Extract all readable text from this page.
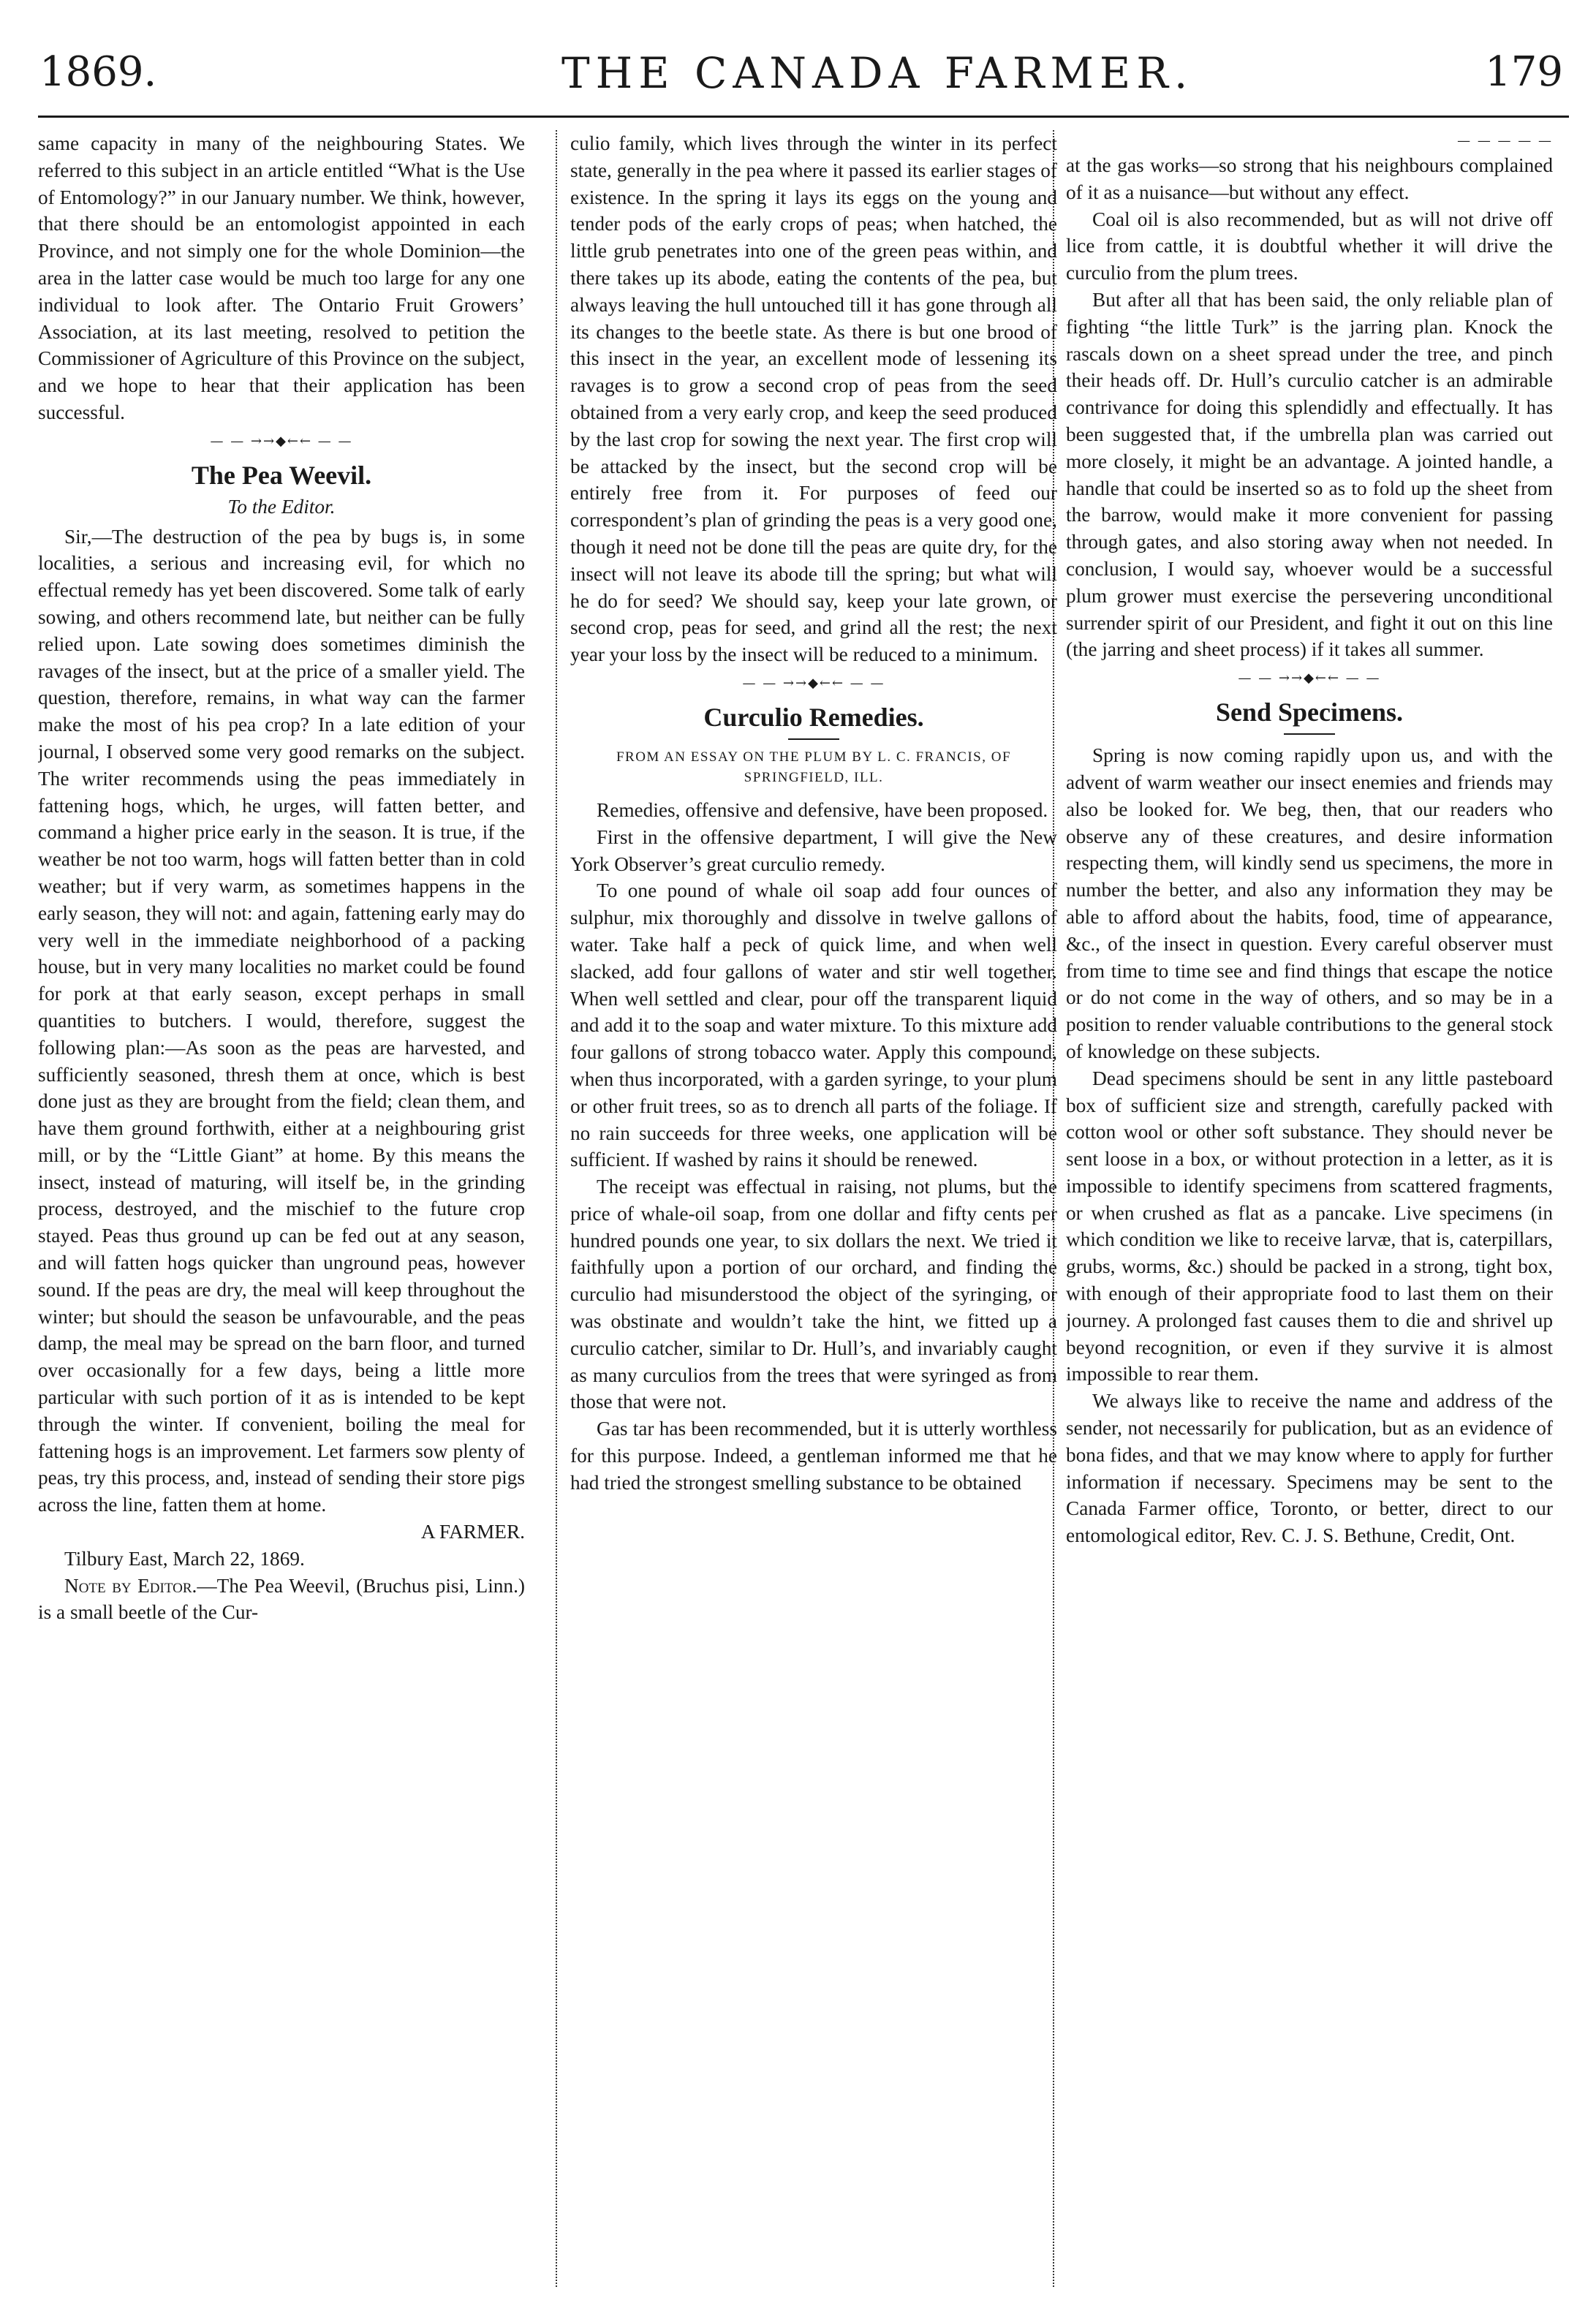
1869.	THE CANADA FARMER.	179

same capacity in many of the neighbouring States. We referred to this subject in an article entitled “What is the Use of Entomology?” in our January number. We think, however, that there should be an entomologist appointed in each Province, and not simply one for the whole Dominion—the area in the latter case would be much too large for any one individual to look after. The Ontario Fruit Growers’ Association, at its last meeting, resolved to petition the Commissioner of Agriculture of this Province on the subject, and we hope to hear that their application has been successful.

— — →→◆←← — —
The Pea Weevil.
To the Editor.

Sir,—The destruction of the pea by bugs is, in some localities, a serious and increasing evil, for which no effectual remedy has yet been discovered. Some talk of early sowing, and others recommend late, but neither can be fully relied upon. Late sowing does sometimes diminish the ravages of the insect, but at the price of a smaller yield. The question, therefore, remains, in what way can the farmer make the most of his pea crop? In a late edition of your journal, I observed some very good remarks on the subject. The writer recommends using the peas immediately in fattening hogs, which, he urges, will fatten better, and command a higher price early in the season. It is true, if the weather be not too warm, hogs will fatten better than in cold weather; but if very warm, as sometimes happens in the early season, they will not: and again, fattening early may do very well in the immediate neighborhood of a packing house, but in very many localities no market could be found for pork at that early season, except perhaps in small quantities to butchers. I would, therefore, suggest the following plan:—As soon as the peas are harvested, and sufficiently seasoned, thresh them at once, which is best done just as they are brought from the field; clean them, and have them ground forthwith, either at a neighbouring grist mill, or by the “Little Giant” at home. By this means the insect, instead of maturing, will itself be, in the grinding process, destroyed, and the mischief to the future crop stayed. Peas thus ground up can be fed out at any season, and will fatten hogs quicker than unground peas, however sound. If the peas are dry, the meal will keep throughout the winter; but should the season be unfavourable, and the peas damp, the meal may be spread on the barn floor, and turned over occasionally for a few days, being a little more particular with such portion of it as is intended to be kept through the winter. If convenient, boiling the meal for fattening hogs is an improvement. Let farmers sow plenty of peas, try this process, and, instead of sending their store pigs across the line, fatten them at home.

A FARMER.
Tilbury East, March 22, 1869.

Note by Editor.—The Pea Weevil, (Bruchus pisi, Linn.) is a small beetle of the Cur-

culio family, which lives through the winter in its perfect state, generally in the pea where it passed its earlier stages of existence. In the spring it lays its eggs on the young and tender pods of the early crops of peas; when hatched, the little grub penetrates into one of the green peas within, and there takes up its abode, eating the contents of the pea, but always leaving the hull untouched till it has gone through all its changes to the beetle state. As there is but one brood of this insect in the year, an excellent mode of lessening its ravages is to grow a second crop of peas from the seed obtained from a very early crop, and keep the seed produced by the last crop for sowing the next year. The first crop will be attacked by the insect, but the second crop will be entirely free from it. For purposes of feed our correspondent’s plan of grinding the peas is a very good one, though it need not be done till the peas are quite dry, for the insect will not leave its abode till the spring; but what will he do for seed? We should say, keep your late grown, or second crop, peas for seed, and grind all the rest; the next year your loss by the insect will be reduced to a minimum.

— — →→◆←← — —
Curculio Remedies.
FROM AN ESSAY ON THE PLUM BY L. C. FRANCIS, OF SPRINGFIELD, ILL.

Remedies, offensive and defensive, have been proposed.

First in the offensive department, I will give the New York Observer’s great curculio remedy.

To one pound of whale oil soap add four ounces of sulphur, mix thoroughly and dissolve in twelve gallons of water. Take half a peck of quick lime, and when well slacked, add four gallons of water and stir well together. When well settled and clear, pour off the transparent liquid and add it to the soap and water mixture. To this mixture add four gallons of strong tobacco water. Apply this compound, when thus incorporated, with a garden syringe, to your plum or other fruit trees, so as to drench all parts of the foliage. If no rain succeeds for three weeks, one application will be sufficient. If washed by rains it should be renewed.

The receipt was effectual in raising, not plums, but the price of whale-oil soap, from one dollar and fifty cents per hundred pounds one year, to six dollars the next. We tried it faithfully upon a portion of our orchard, and finding the curculio had misunderstood the object of the syringing, or was obstinate and wouldn’t take the hint, we fitted up a curculio catcher, similar to Dr. Hull’s, and invariably caught as many curculios from the trees that were syringed as from those that were not.

Gas tar has been recommended, but it is utterly worthless for this purpose. Indeed, a gentleman informed me that he had tried the strongest smelling substance to be obtained

— — — — —

at the gas works—so strong that his neighbours complained of it as a nuisance—but without any effect.

Coal oil is also recommended, but as will not drive off lice from cattle, it is doubtful whether it will drive the curculio from the plum trees.

But after all that has been said, the only reliable plan of fighting “the little Turk” is the jarring plan. Knock the rascals down on a sheet spread under the tree, and pinch their heads off. Dr. Hull’s curculio catcher is an admirable contrivance for doing this splendidly and effectually. It has been suggested that, if the umbrella plan was carried out more closely, it might be an advantage. A jointed handle, a handle that could be inserted so as to fold up the sheet from the barrow, would make it more convenient for passing through gates, and also storing away when not needed. In conclusion, I would say, whoever would be a successful plum grower must exercise the persevering unconditional surrender spirit of our President, and fight it out on this line (the jarring and sheet process) if it takes all summer.

— — →→◆←← — —
Send Specimens.

Spring is now coming rapidly upon us, and with the advent of warm weather our insect enemies and friends may also be looked for. We beg, then, that our readers who observe any of these creatures, and desire information respecting them, will kindly send us specimens, the more in number the better, and also any information they may be able to afford about the habits, food, time of appearance, &c., of the insect in question. Every careful observer must from time to time see and find things that escape the notice or do not come in the way of others, and so may be in a position to render valuable contributions to the general stock of knowledge on these subjects.

Dead specimens should be sent in any little pasteboard box of sufficient size and strength, carefully packed with cotton wool or other soft substance. They should never be sent loose in a box, or without protection in a letter, as it is impossible to identify specimens from scattered fragments, or when crushed as flat as a pancake. Live specimens (in which condition we like to receive larvæ, that is, caterpillars, grubs, worms, &c.) should be packed in a strong, tight box, with enough of their appropriate food to last them on their journey. A prolonged fast causes them to die and shrivel up beyond recognition, or even if they survive it is almost impossible to rear them.

We always like to receive the name and address of the sender, not necessarily for publication, but as an evidence of bona fides, and that we may know where to apply for further information if necessary. Specimens may be sent to the Canada Farmer office, Toronto, or better, direct to our entomological editor, Rev. C. J. S. Bethune, Credit, Ont.
